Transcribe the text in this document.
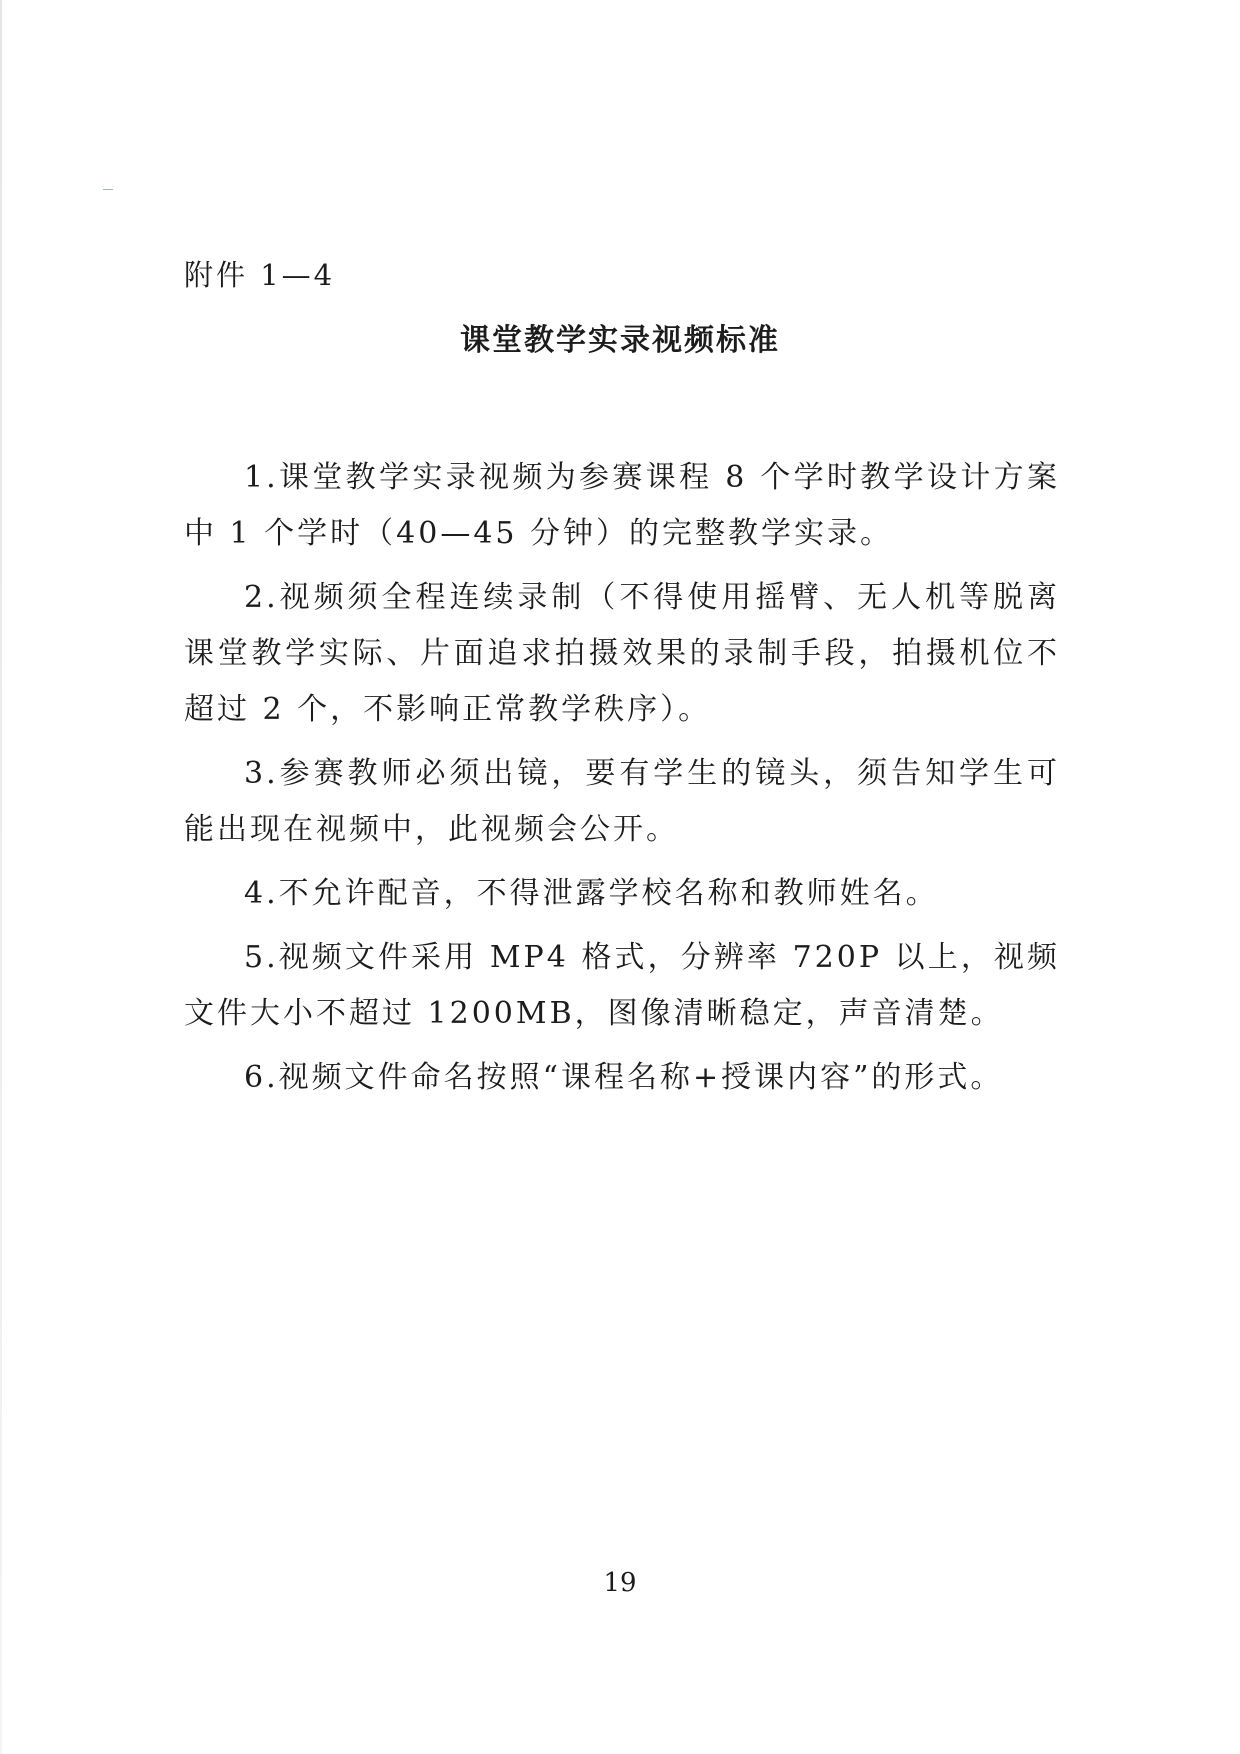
附件 1—4
课堂教学实录视频标准

1.课堂教学实录视频为参赛课程 8 个学时教学设计方案中 1 个学时（40—45 分钟）的完整教学实录。

2.视频须全程连续录制（不得使用摇臂、无人机等脱离课堂教学实际、片面追求拍摄效果的录制手段，拍摄机位不超过 2 个，不影响正常教学秩序）。

3.参赛教师必须出镜，要有学生的镜头，须告知学生可能出现在视频中，此视频会公开。

4.不允许配音，不得泄露学校名称和教师姓名。

5.视频文件采用 MP4 格式，分辨率 720P 以上，视频文件大小不超过 1200MB，图像清晰稳定，声音清楚。

6.视频文件命名按照“课程名称+授课内容”的形式。

19
